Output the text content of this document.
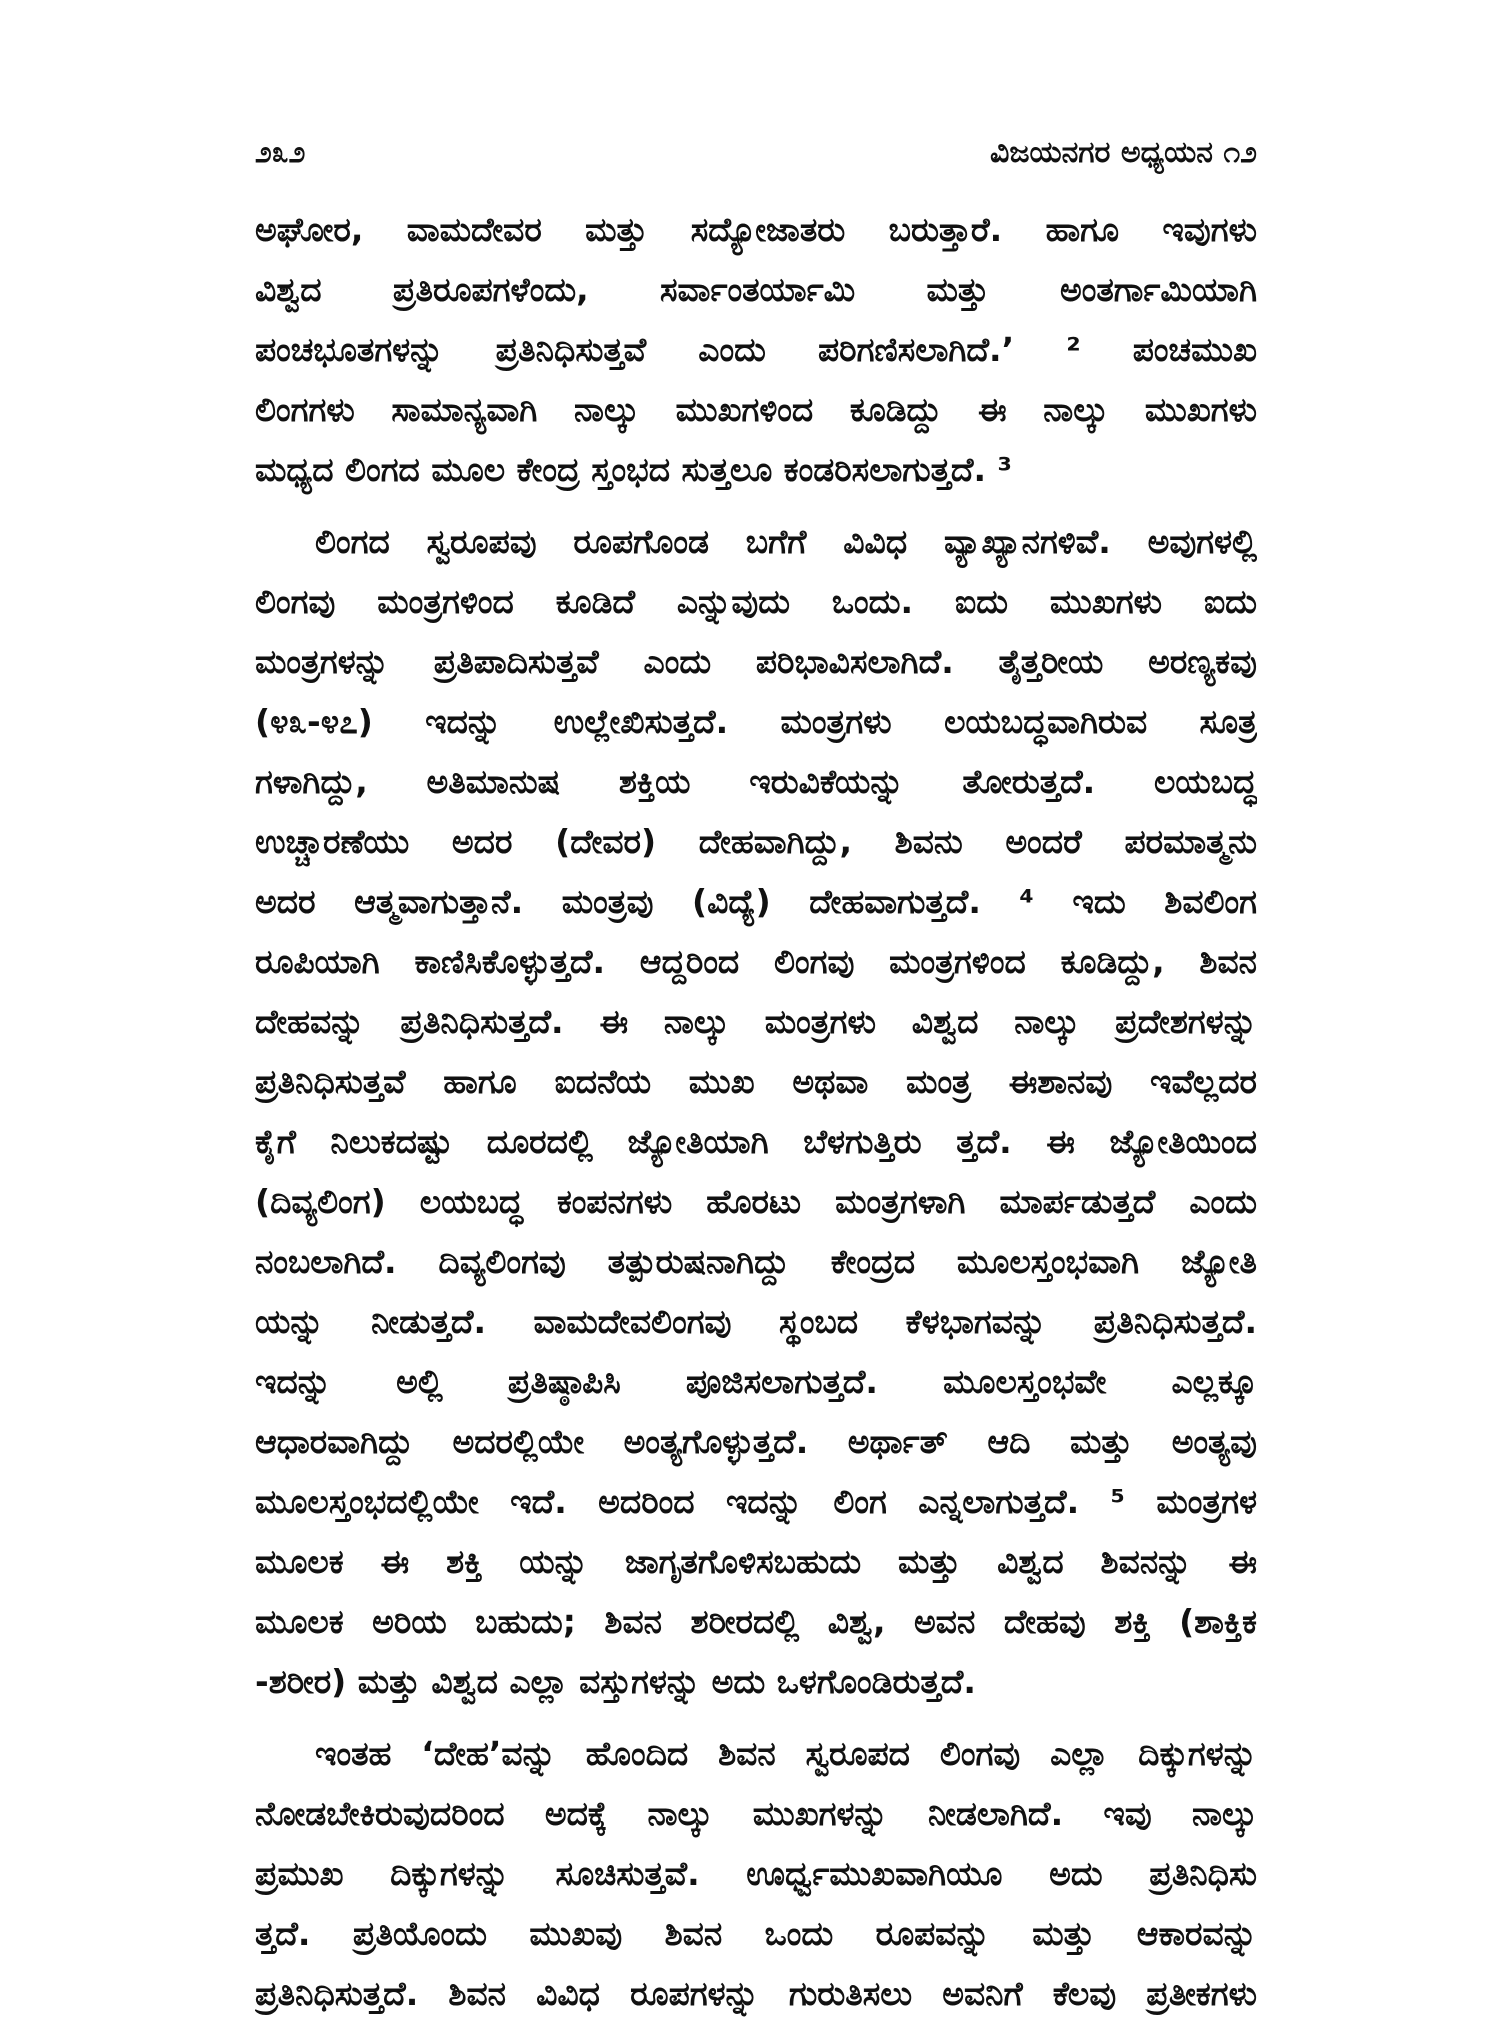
೨೩೨	ವಿಜಯನಗರ ಅಧ್ಯಯನ ೧೨
ಅಘೋರ, ವಾಮದೇವರ ಮತ್ತು ಸದ್ಯೋಜಾತರು ಬರುತ್ತಾರೆ. ಹಾಗೂ ಇವುಗಳು
ವಿಶ್ವದ ಪ್ರತಿರೂಪಗಳೆಂದು, ಸರ್ವಾಂತರ್ಯಾಮಿ ಮತ್ತು ಅಂತರ್ಗಾಮಿಯಾಗಿ
ಪಂಚಭೂತಗಳನ್ನು ಪ್ರತಿನಿಧಿಸುತ್ತವೆ ಎಂದು ಪರಿಗಣಿಸಲಾಗಿದೆ.’ ² ಪಂಚಮುಖ
ಲಿಂಗಗಳು ಸಾಮಾನ್ಯವಾಗಿ ನಾಲ್ಕು ಮುಖಗಳಿಂದ ಕೂಡಿದ್ದು ಈ ನಾಲ್ಕು ಮುಖಗಳು
ಮಧ್ಯದ ಲಿಂಗದ ಮೂಲ ಕೇಂದ್ರ ಸ್ತಂಭದ ಸುತ್ತಲೂ ಕಂಡರಿಸಲಾಗುತ್ತದೆ. ³
ಲಿಂಗದ ಸ್ವರೂಪವು ರೂಪಗೊಂಡ ಬಗೆಗೆ ವಿವಿಧ ವ್ಯಾಖ್ಯಾನಗಳಿವೆ. ಅವುಗಳಲ್ಲಿ
ಲಿಂಗವು ಮಂತ್ರಗಳಿಂದ ಕೂಡಿದೆ ಎನ್ನುವುದು ಒಂದು. ಐದು ಮುಖಗಳು ಐದು
ಮಂತ್ರಗಳನ್ನು ಪ್ರತಿಪಾದಿಸುತ್ತವೆ ಎಂದು ಪರಿಭಾವಿಸಲಾಗಿದೆ. ತೈತ್ತರೀಯ ಅರಣ್ಯಕವು
(೪೩-೪೭) ಇದನ್ನು ಉಲ್ಲೇಖಿಸುತ್ತದೆ. ಮಂತ್ರಗಳು ಲಯಬದ್ಧವಾಗಿರುವ ಸೂತ್ರ
ಗಳಾಗಿದ್ದು, ಅತಿಮಾನುಷ ಶಕ್ತಿಯ ಇರುವಿಕೆಯನ್ನು ತೋರುತ್ತದೆ. ಲಯಬದ್ಧ
ಉಚ್ಚಾರಣೆಯು ಅದರ (ದೇವರ) ದೇಹವಾಗಿದ್ದು, ಶಿವನು ಅಂದರೆ ಪರಮಾತ್ಮನು
ಅದರ ಆತ್ಮವಾಗುತ್ತಾನೆ. ಮಂತ್ರವು (ವಿದ್ಯೆ) ದೇಹವಾಗುತ್ತದೆ. ⁴ ಇದು ಶಿವಲಿಂಗ
ರೂಪಿಯಾಗಿ ಕಾಣಿಸಿಕೊಳ್ಳುತ್ತದೆ. ಆದ್ದರಿಂದ ಲಿಂಗವು ಮಂತ್ರಗಳಿಂದ ಕೂಡಿದ್ದು, ಶಿವನ
ದೇಹವನ್ನು ಪ್ರತಿನಿಧಿಸುತ್ತದೆ. ಈ ನಾಲ್ಕು ಮಂತ್ರಗಳು ವಿಶ್ವದ ನಾಲ್ಕು ಪ್ರದೇಶಗಳನ್ನು
ಪ್ರತಿನಿಧಿಸುತ್ತವೆ ಹಾಗೂ ಐದನೆಯ ಮುಖ ಅಥವಾ ಮಂತ್ರ ಈಶಾನವು ಇವೆಲ್ಲದರ
ಕೈಗೆ ನಿಲುಕದಷ್ಟು ದೂರದಲ್ಲಿ ಜ್ಯೋತಿಯಾಗಿ ಬೆಳಗುತ್ತಿರು ತ್ತದೆ. ಈ ಜ್ಯೋತಿಯಿಂದ
(ದಿವ್ಯಲಿಂಗ) ಲಯಬದ್ಧ ಕಂಪನಗಳು ಹೊರಟು ಮಂತ್ರಗಳಾಗಿ ಮಾರ್ಪಡುತ್ತದೆ ಎಂದು
ನಂಬಲಾಗಿದೆ. ದಿವ್ಯಲಿಂಗವು ತತ್ಪುರುಷನಾಗಿದ್ದು ಕೇಂದ್ರದ ಮೂಲಸ್ತಂಭವಾಗಿ ಜ್ಯೋತಿ
ಯನ್ನು ನೀಡುತ್ತದೆ. ವಾಮದೇವಲಿಂಗವು ಸ್ಥಂಬದ ಕೆಳಭಾಗವನ್ನು ಪ್ರತಿನಿಧಿಸುತ್ತದೆ.
ಇದನ್ನು ಅಲ್ಲಿ ಪ್ರತಿಷ್ಠಾಪಿಸಿ ಪೂಜಿಸಲಾಗುತ್ತದೆ. ಮೂಲಸ್ತಂಭವೇ ಎಲ್ಲಕ್ಕೂ
ಆಧಾರವಾಗಿದ್ದು ಅದರಲ್ಲಿಯೇ ಅಂತ್ಯಗೊಳ್ಳುತ್ತದೆ. ಅರ್ಥಾತ್ ಆದಿ ಮತ್ತು ಅಂತ್ಯವು
ಮೂಲಸ್ತಂಭದಲ್ಲಿಯೇ ಇದೆ. ಅದರಿಂದ ಇದನ್ನು ಲಿಂಗ ಎನ್ನಲಾಗುತ್ತದೆ. ⁵ ಮಂತ್ರಗಳ
ಮೂಲಕ ಈ ಶಕ್ತಿ ಯನ್ನು ಜಾಗೃತಗೊಳಿಸಬಹುದು ಮತ್ತು ವಿಶ್ವದ ಶಿವನನ್ನು ಈ
ಮೂಲಕ ಅರಿಯ ಬಹುದು; ಶಿವನ ಶರೀರದಲ್ಲಿ ವಿಶ್ವ, ಅವನ ದೇಹವು ಶಕ್ತಿ (ಶಾಕ್ತಿಕ
-ಶರೀರ) ಮತ್ತು ವಿಶ್ವದ ಎಲ್ಲಾ ವಸ್ತುಗಳನ್ನು ಅದು ಒಳಗೊಂಡಿರುತ್ತದೆ.
ಇಂತಹ ‘ದೇಹ’ವನ್ನು ಹೊಂದಿದ ಶಿವನ ಸ್ವರೂಪದ ಲಿಂಗವು ಎಲ್ಲಾ ದಿಕ್ಕುಗಳನ್ನು
ನೋಡಬೇಕಿರುವುದರಿಂದ ಅದಕ್ಕೆ ನಾಲ್ಕು ಮುಖಗಳನ್ನು ನೀಡಲಾಗಿದೆ. ಇವು ನಾಲ್ಕು
ಪ್ರಮುಖ ದಿಕ್ಕುಗಳನ್ನು ಸೂಚಿಸುತ್ತವೆ. ಊರ್ಧ್ವಮುಖವಾಗಿಯೂ ಅದು ಪ್ರತಿನಿಧಿಸು
ತ್ತದೆ. ಪ್ರತಿಯೊಂದು ಮುಖವು ಶಿವನ ಒಂದು ರೂಪವನ್ನು ಮತ್ತು ಆಕಾರವನ್ನು
ಪ್ರತಿನಿಧಿಸುತ್ತದೆ. ಶಿವನ ವಿವಿಧ ರೂಪಗಳನ್ನು ಗುರುತಿಸಲು ಅವನಿಗೆ ಕೆಲವು ಪ್ರತೀಕಗಳು
